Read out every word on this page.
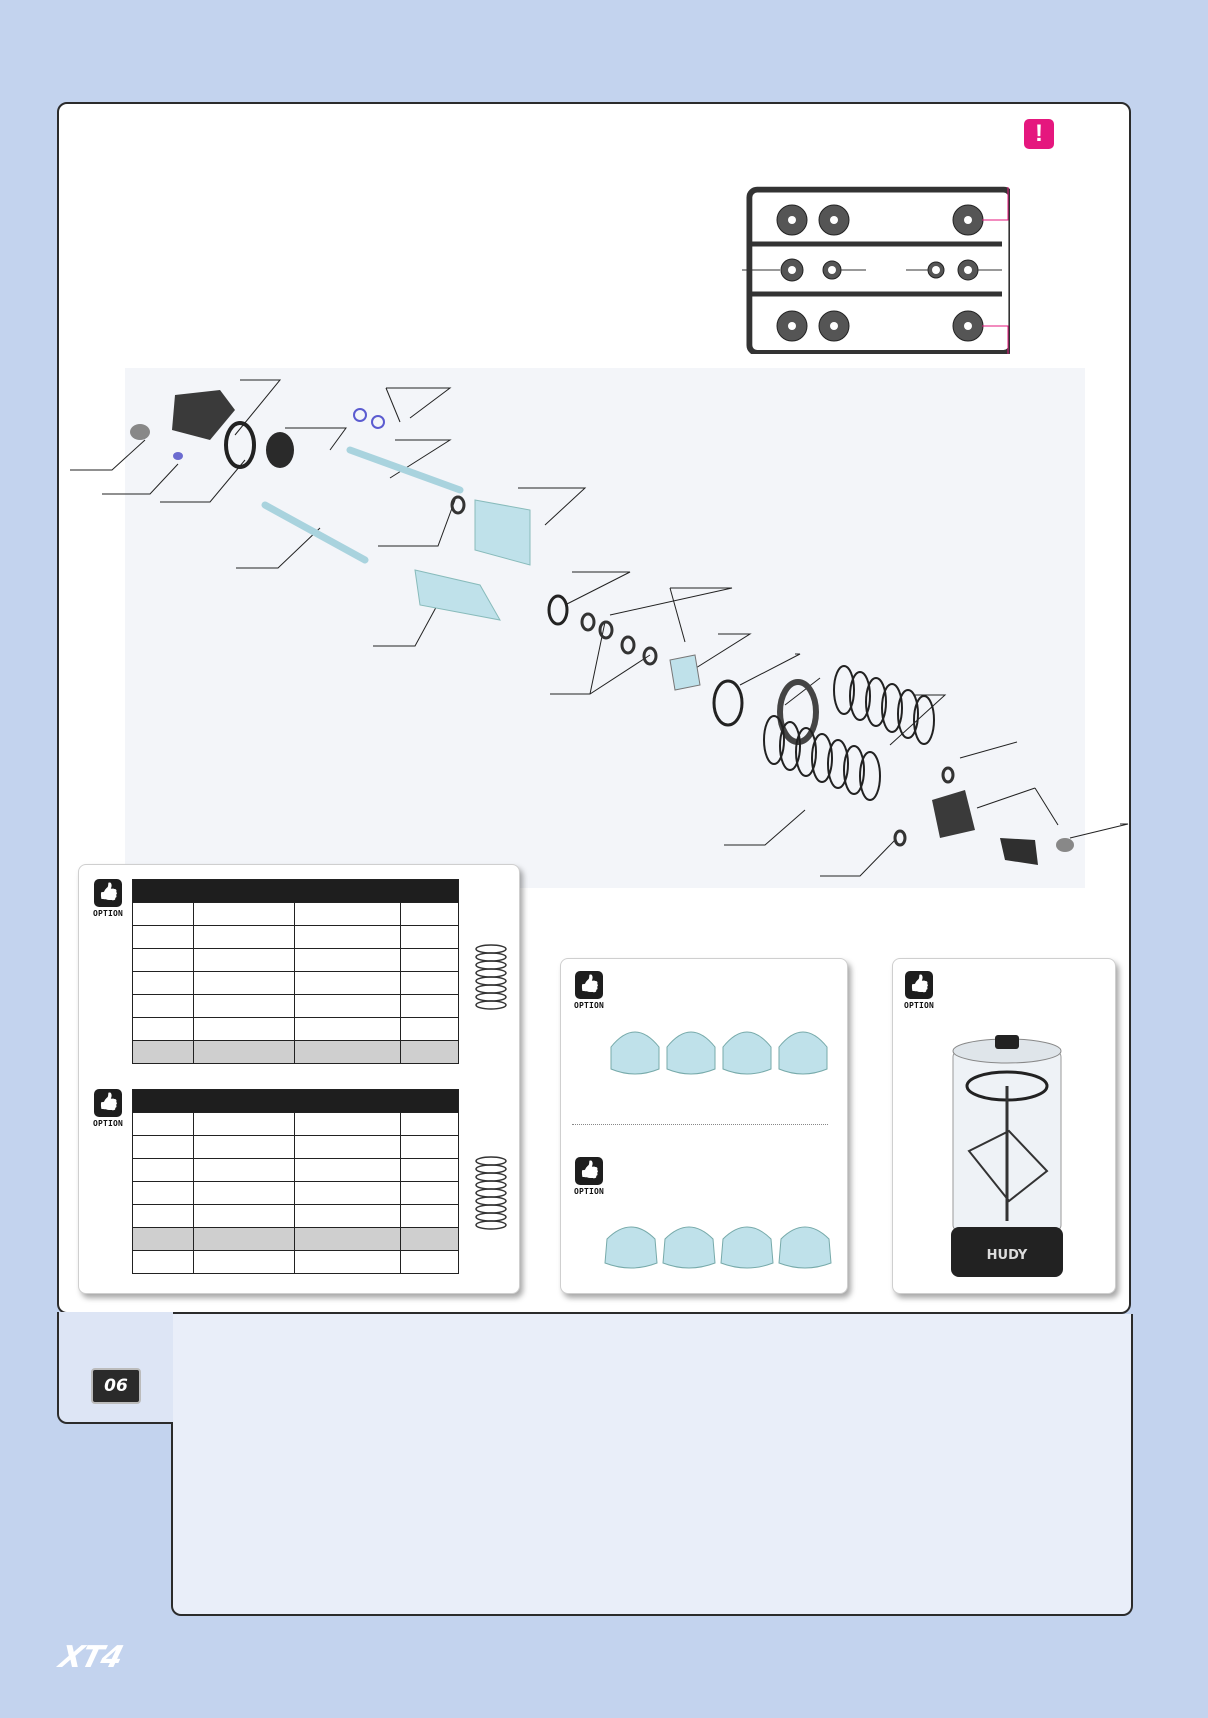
!
👍
OPTION

👍
OPTION

👍
OPTION
👍
OPTION
👍
OPTION
HUDY
06
XT4
